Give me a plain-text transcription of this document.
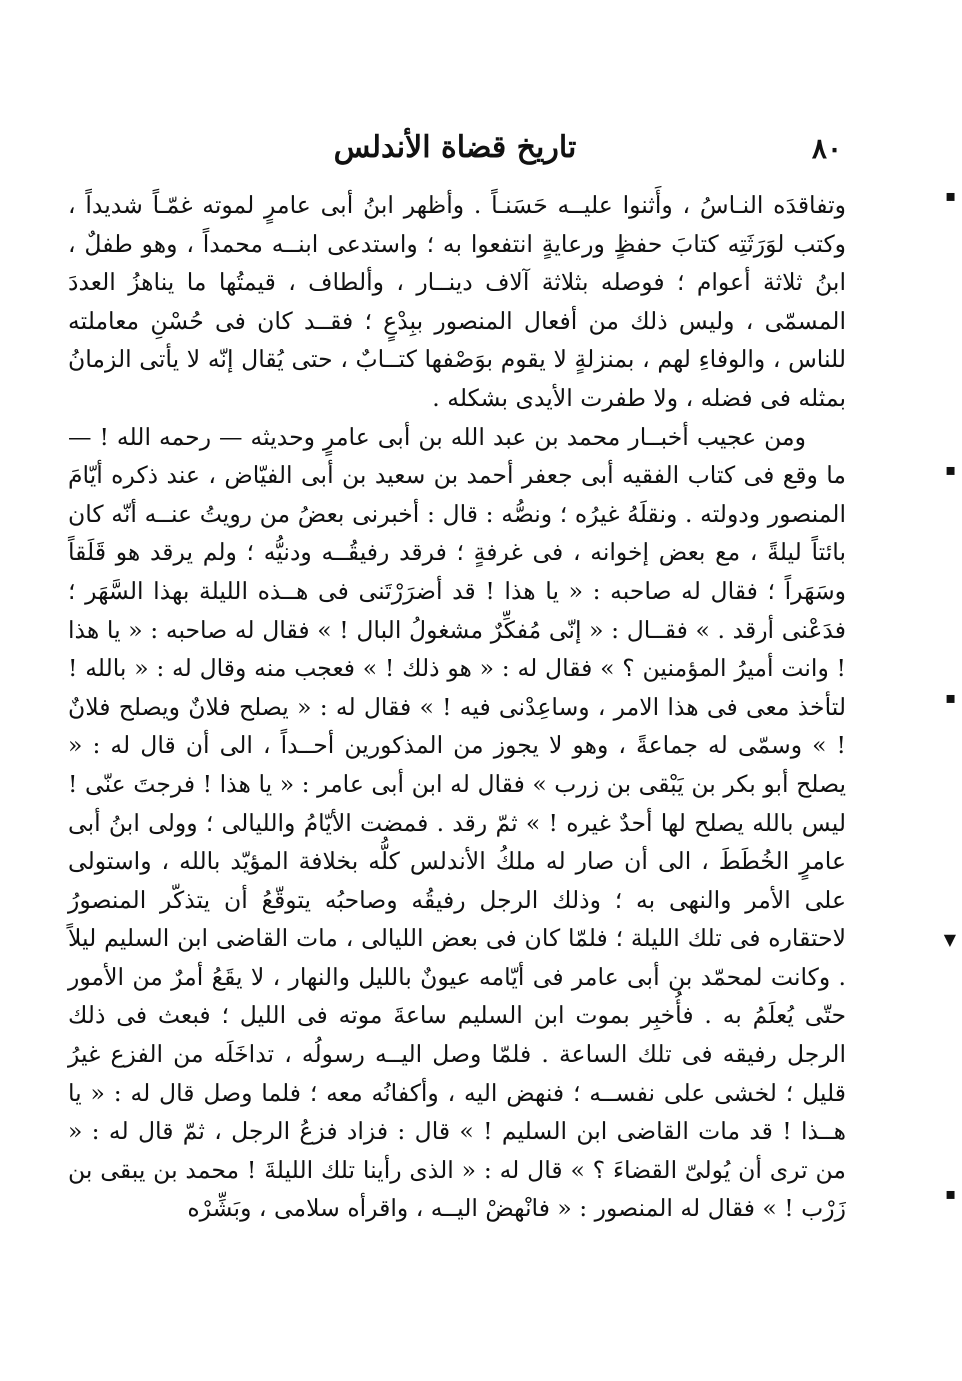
٨٠
تاريخ قضاة الأندلس

وتفاقدَه النـاسُ ، وأَثنوا عليــه حَسَنـاً . وأظهر ابنُ أبى عامرٍ لموته غمّـاً شديداً ، وكتب لوَرَثَتِه كتابَ حفظٍ ورعايةٍ انتفعوا به ؛ واستدعى ابنــه محمداً ، وهو طفلٌ ، ابنُ ثلاثة أعوام ؛ فوصله بثلاثة آلاف دينــار ، وألطاف ، قيمتُها ما يناهزُ العددَ المسمّى ، وليس ذلك من أفعال المنصور ببِدْعٍ ؛ فقــد كان فى حُسْنِ معاملته للناس ، والوفاءِ لهم ، بمنزلةٍ لا يقوم بوَصْفها كتــابٌ ، حتى يُقال إنّه لا يأتى الزمانُ بمثله فى فضله ، ولا طفرت الأيدى بشكله .

ومن عجيب أخبــار محمد بن عبد الله بن أبى عامرٍ وحديثه — رحمه الله ! — ما وقع فى كتاب الفقيه أبى جعفر أحمد بن سعيد بن أبى الفيّاض ، عند ذكره أيّامَ المنصور ودولته . ونقلَهُ غيرُه ؛ ونصُّه : قال : أخبرنى بعضُ من رويتُ عنــه أنّه كان بائتاً ليلةً ، مع بعض إخوانه ، فى غرفةٍ ؛ فرقد رفيقُــه ودنيُّه ؛ ولم يرقد هو قَلَقاً وسَهَراً ؛ فقال له صاحبه : « يا هذا ! قد أضرَرْتَنى فى هــذه الليلة بهذا السَّهَر ؛ فدَعْنى أرقد . » فقــال : « إنّى مُفكِّرٌ مشغولُ البال ! » فقال له صاحبه : « يا هذا ! وانت أميرُ المؤمنين ؟ » فقال له : « هو ذلك ! » فعجب منه وقال له : « بالله ! لتأخذ معى فى هذا الامر ، وساعِدْنى فيه ! » فقال له : « يصلح فلانٌ ويصلح فلانٌ ! » وسمّى له جماعةً ، وهو لا يجوز من المذكورين أحــداً ، الى أن قال له : « يصلح أبو بكر بن يَبْقى بن زرب » فقال له ابن أبى عامر : « يا هذا ! فرجتَ عنّى ! ليس بالله يصلح لها أحدٌ غيره ! » ثمّ رقد . فمضت الأيّامُ والليالى ؛ وولى ابنُ أبى عامرٍ الخُطَطَ ، الى أن صار له ملكُ الأندلس كلُّه بخلافة المؤيّد بالله ، واستولى على الأمر والنهى به ؛ وذلك الرجل رفيقُه وصاحبُه يتوقّعُ أن يتذكّر المنصورُ لاحتقاره فى تلك الليلة ؛ فلمّا كان فى بعض الليالى ، مات القاضى ابن السليم ليلاً . وكانت لمحمّد بن أبى عامر فى أيّامه عيونٌ بالليل والنهار ، لا يقَعُ أمرٌ من الأمور حتّى يُعلَمُ به . فأُخبِر بموت ابن السليم ساعةَ موته فى الليل ؛ فبعث فى ذلك الرجل رفيقه فى تلك الساعة . فلمّا وصل اليــه رسولُه ، تداخَلَه من الفزع غيرُ قليل ؛ لخشى على نفســه ؛ فنهض اليه ، وأكفانُه معه ؛ فلما وصل قال له : « يا هــذا ! قد مات القاضى ابن السليم ! » قال : فزاد فزعُ الرجل ، ثمّ قال له : « من ترى أن يُولىّ القضاءَ ؟ » قال له : « الذى رأينا تلك الليلةَ ! محمد بن يبقى بن زَرْب ! » فقال له المنصور : « فانْهضْ اليــه ، واقرأه سلامى ، وبَشِّرْه

▪
▪
▪
▼
▪
